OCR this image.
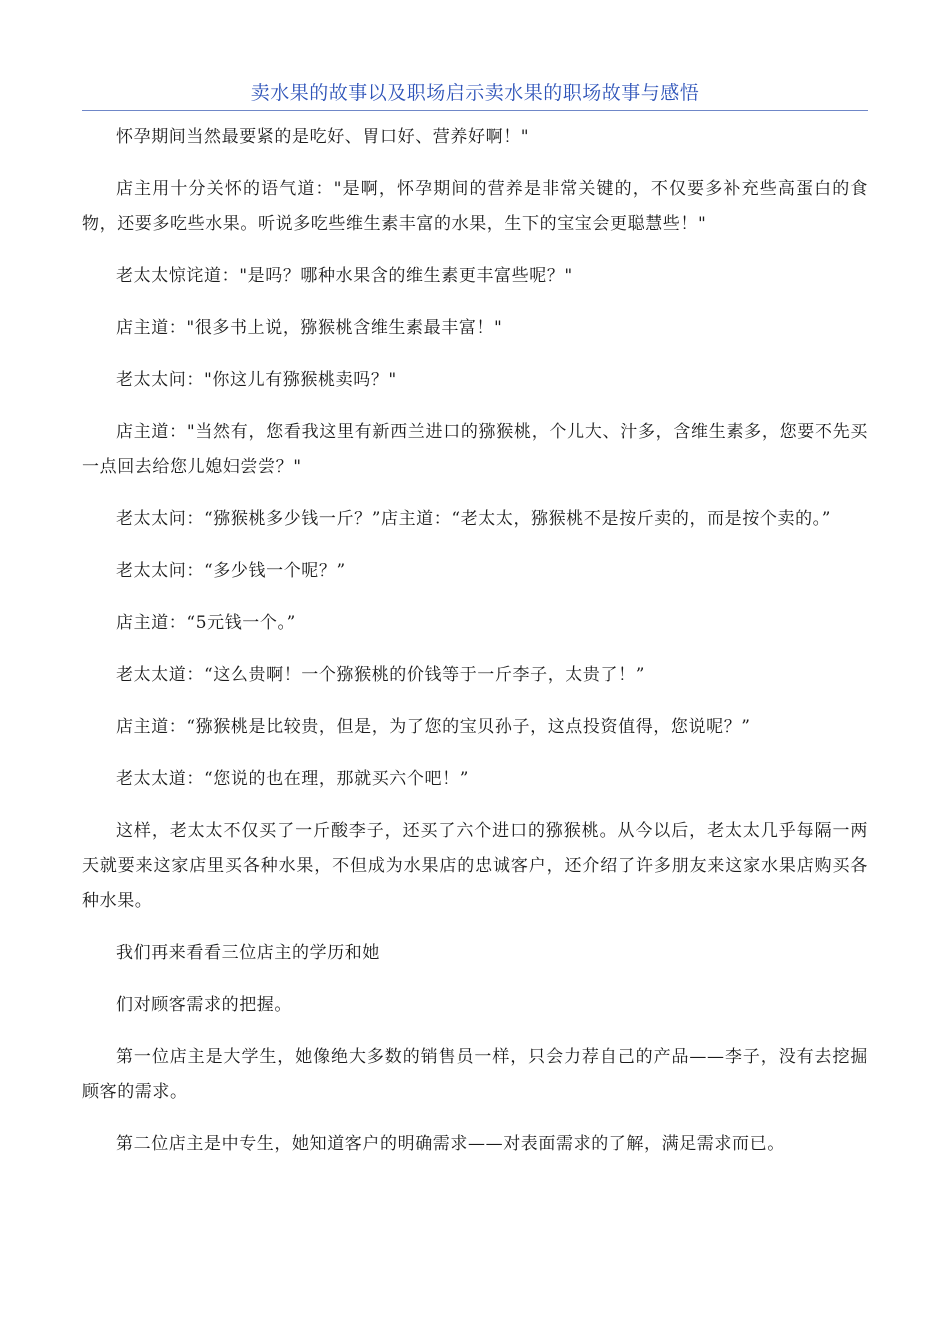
卖水果的故事以及职场启示卖水果的职场故事与感悟

怀孕期间当然最要紧的是吃好、胃口好、营养好啊！"

店主用十分关怀的语气道："是啊，怀孕期间的营养是非常关键的，不仅要多补充些高蛋白的食物，还要多吃些水果。听说多吃些维生素丰富的水果，生下的宝宝会更聪慧些！"

老太太惊诧道："是吗？哪种水果含的维生素更丰富些呢？"

店主道："很多书上说，猕猴桃含维生素最丰富！"

老太太问："你这儿有猕猴桃卖吗？"

店主道："当然有，您看我这里有新西兰进口的猕猴桃，个儿大、汁多，含维生素多，您要不先买一点回去给您儿媳妇尝尝？"

老太太问：“猕猴桃多少钱一斤？”店主道：“老太太，猕猴桃不是按斤卖的，而是按个卖的。”

老太太问：“多少钱一个呢？”

店主道：“5元钱一个。”

老太太道：“这么贵啊！一个猕猴桃的价钱等于一斤李子，太贵了！”

店主道：“猕猴桃是比较贵，但是，为了您的宝贝孙子，这点投资值得，您说呢？”

老太太道：“您说的也在理，那就买六个吧！”

这样，老太太不仅买了一斤酸李子，还买了六个进口的猕猴桃。从今以后，老太太几乎每隔一两天就要来这家店里买各种水果，不但成为水果店的忠诚客户，还介绍了许多朋友来这家水果店购买各种水果。

我们再来看看三位店主的学历和她

们对顾客需求的把握。

第一位店主是大学生，她像绝大多数的销售员一样，只会力荐自己的产品——李子，没有去挖掘顾客的需求。

第二位店主是中专生，她知道客户的明确需求——对表面需求的了解，满足需求而已。
